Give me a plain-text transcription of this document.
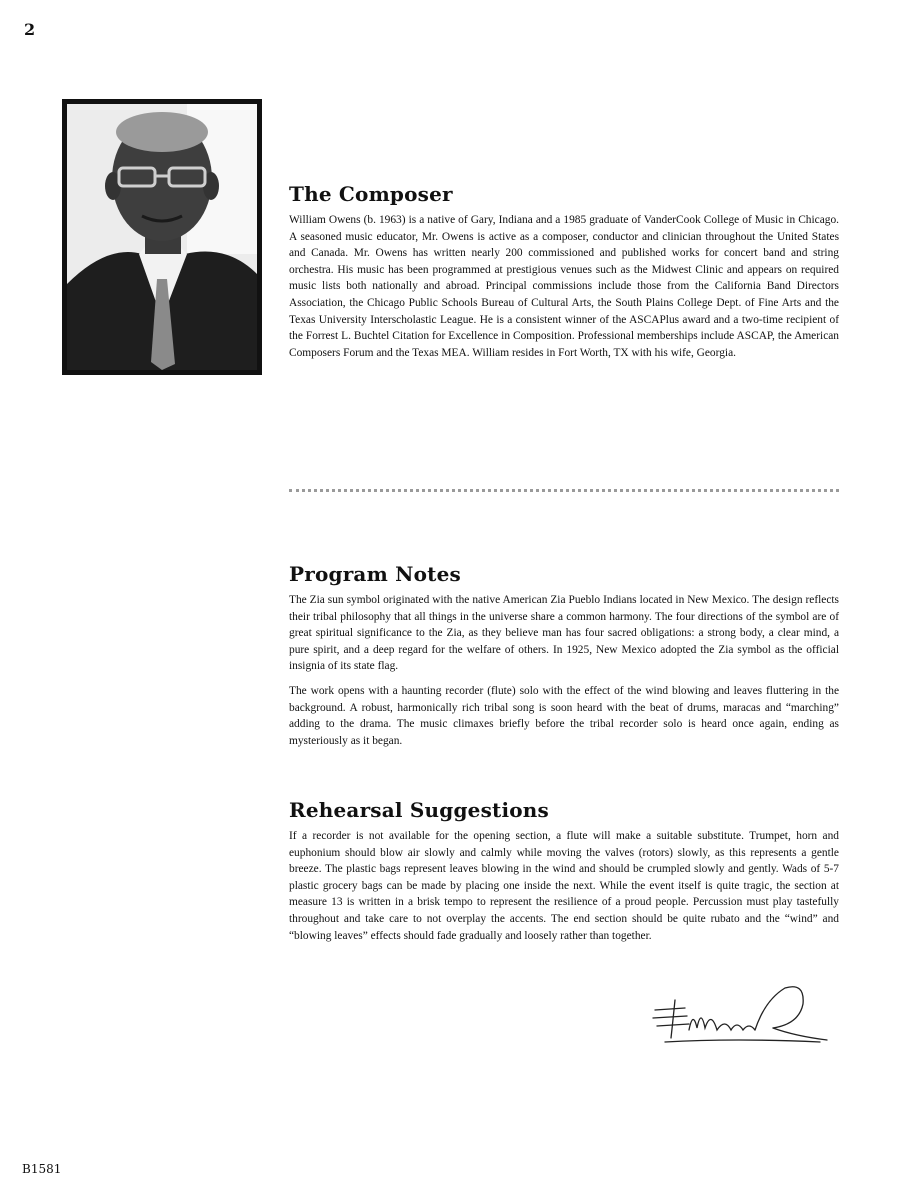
2
The Composer

William Owens (b. 1963) is a native of Gary, Indiana and a 1985 graduate of VanderCook College of Music in Chicago. A seasoned music educator, Mr. Owens is active as a composer, conductor and clinician throughout the United States and Canada. Mr. Owens has written nearly 200 commissioned and published works for concert band and string orchestra. His music has been programmed at prestigious venues such as the Midwest Clinic and appears on required music lists both nationally and abroad. Principal commissions include those from the California Band Directors Association, the Chicago Public Schools Bureau of Cultural Arts, the South Plains College Dept. of Fine Arts and the Texas University Interscholastic League. He is a consistent winner of the ASCAPlus award and a two-time recipient of the Forrest L. Buchtel Citation for Excellence in Composition. Professional memberships include ASCAP, the American Composers Forum and the Texas MEA. William resides in Fort Worth, TX with his wife, Georgia.

Program Notes

The Zia sun symbol originated with the native American Zia Pueblo Indians located in New Mexico. The design reflects their tribal philosophy that all things in the universe share a common harmony. The four directions of the symbol are of great spiritual significance to the Zia, as they believe man has four sacred obligations: a strong body, a clear mind, a pure spirit, and a deep regard for the welfare of others. In 1925, New Mexico adopted the Zia symbol as the official insignia of its state flag.

The work opens with a haunting recorder (flute) solo with the effect of the wind blowing and leaves fluttering in the background. A robust, harmonically rich tribal song is soon heard with the beat of drums, maracas and “marching” adding to the drama. The music climaxes briefly before the tribal recorder solo is heard once again, ending as mysteriously as it began.

Rehearsal Suggestions

If a recorder is not available for the opening section, a flute will make a suitable substitute. Trumpet, horn and euphonium should blow air slowly and calmly while moving the valves (rotors) slowly, as this represents a gentle breeze. The plastic bags represent leaves blowing in the wind and should be crumpled slowly and gently. Wads of 5-7 plastic grocery bags can be made by placing one inside the next. While the event itself is quite tragic, the section at measure 13 is written in a brisk tempo to represent the resilience of a proud people. Percussion must play tastefully throughout and take care to not overplay the accents. The end section should be quite rubato and the “wind” and “blowing leaves” effects should fade gradually and loosely rather than together.

B1581
